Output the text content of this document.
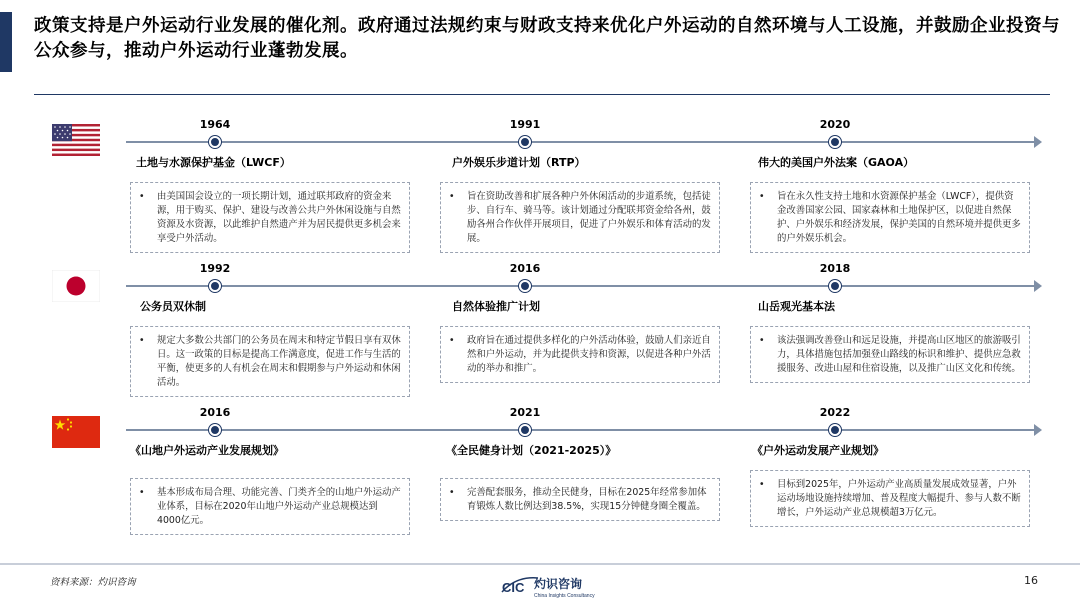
政策支持是户外运动行业发展的催化剂。政府通过法规约束与财政支持来优化户外运动的自然环境与人工设施，并鼓励企业投资与公众参与，推动户外运动行业蓬勃发展。
1964	1991	2020
土地与水源保护基金（LWCF）	户外娱乐步道计划（RTP）	伟大的美国户外法案（GAOA）
• 由美国国会设立的一项长期计划，通过联邦政府的资金来源，用于购买、保护、建设与改善公共户外休闲设施与自然资源及水资源，以此维护自然遗产并为居民提供更多机会来享受户外活动。
• 旨在资助改善和扩展各种户外休闲活动的步道系统，包括徒步、自行车、骑马等。该计划通过分配联邦资金给各州，鼓励各州合作伙伴开展项目，促进了户外娱乐和体育活动的发展。
• 旨在永久性支持土地和水资源保护基金（LWCF），提供资金改善国家公园、国家森林和土地保护区，以促进自然保护、户外娱乐和经济发展，保护美国的自然环境并提供更多的户外娱乐机会。
1992	2016	2018
公务员双休制	自然体验推广计划	山岳观光基本法
• 规定大多数公共部门的公务员在周末和特定节假日享有双休日。这一政策的目标是提高工作满意度，促进工作与生活的平衡，使更多的人有机会在周末和假期参与户外运动和休闲活动。
• 政府旨在通过提供多样化的户外活动体验，鼓励人们亲近自然和户外运动，并为此提供支持和资源，以促进各种户外活动的举办和推广。
• 该法强调改善登山和远足设施，并提高山区地区的旅游吸引力，具体措施包括加强登山路线的标识和维护、提供应急救援服务、改进山屋和住宿设施，以及推广山区文化和传统。
2016	2021	2022
《山地户外运动产业发展规划》	《全民健身计划（2021-2025）》	《户外运动发展产业规划》
• 基本形成布局合理、功能完善、门类齐全的山地户外运动产业体系，目标在2020年山地户外运动产业总规模达到4000亿元。
• 完善配套服务，推动全民健身，目标在2025年经常参加体育锻炼人数比例达到38.5%，实现15分钟健身圈全覆盖。
• 目标到2025年，户外运动产业高质量发展成效显著，户外运动场地设施持续增加、普及程度大幅提升、参与人数不断增长，户外运动产业总规模超3万亿元。
资料来源：灼识咨询	CIC 灼识咨询
China Insights Consultancy
16
